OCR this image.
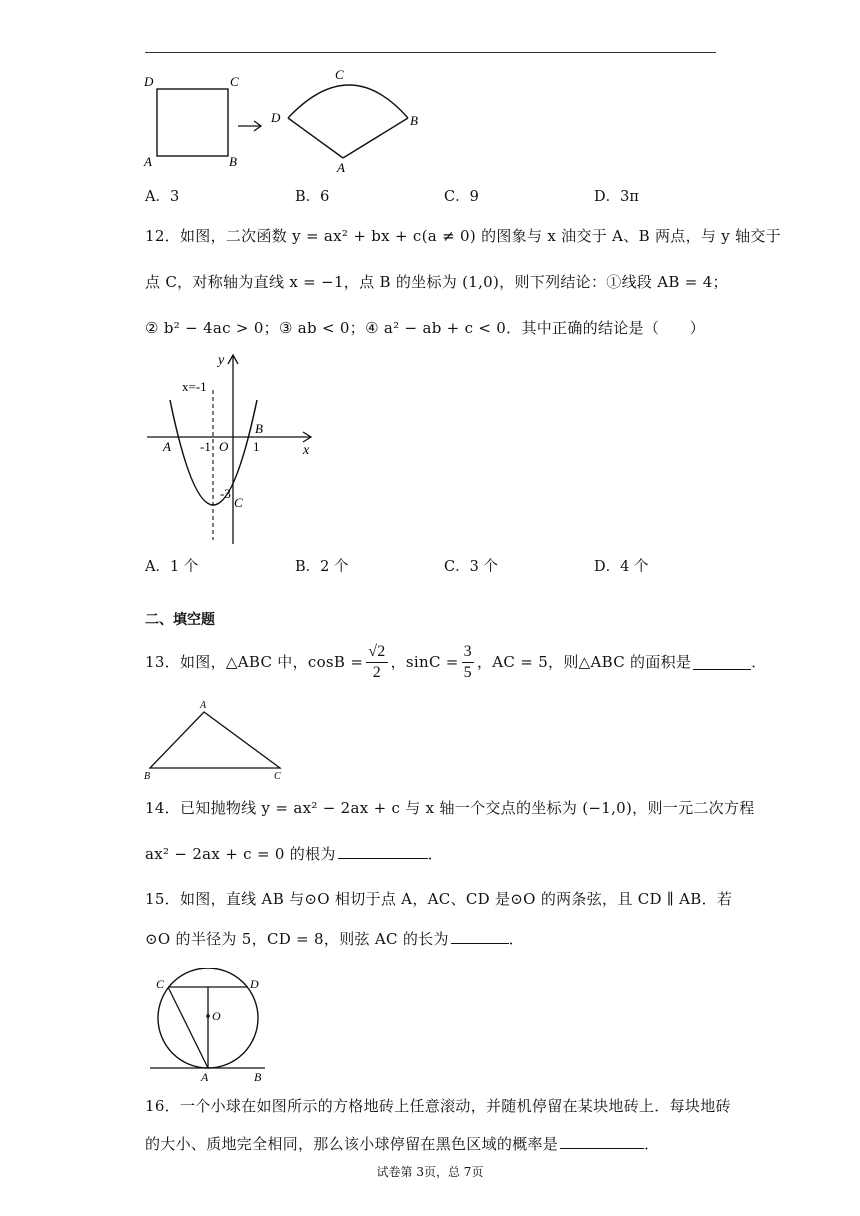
D	C
A	B
C
D	B
A
A．3	B．6	C．9	D．3π
12．如图，二次函数 y = ax² + bx + c(a ≠ 0) 的图象与 x 油交于 A、B 两点，与 y 轴交于
点 C，对称轴为直线 x = −1，点 B 的坐标为 (1,0)，则下列结论：①线段 AB = 4；
② b² − 4ac > 0；③ ab < 0；④ a² − ab + c < 0．其中正确的结论是（　　）
y
x
x=-1
A -1 O
B
1
-3
C
A．1 个	B．2 个	C．3 个	D．4 个
二、填空题
13．如图，△ABC 中，$\cos B = \frac{√2}{2}$ ，$\sin C = \frac{3}{5}$ ，AC = 5，则△ABC 的面积是	．
A
B	C
14．已知抛物线 y = ax² − 2ax + c 与 x 轴一个交点的坐标为 (−1,0)，则一元二次方程
ax² − 2ax + c = 0 的根为	．
15．如图，直线 AB 与⊙O 相切于点 A，AC、CD 是⊙O 的两条弦，且 CD ∥ AB．若
⊙O 的半径为 5，CD = 8，则弦 AC 的长为	．
C	D
O
A	B
16．一个小球在如图所示的方格地砖上任意滚动，并随机停留在某块地砖上．每块地砖
的大小、质地完全相同，那么该小球停留在黑色区域的概率是	．
试卷第 3页，总 7页
